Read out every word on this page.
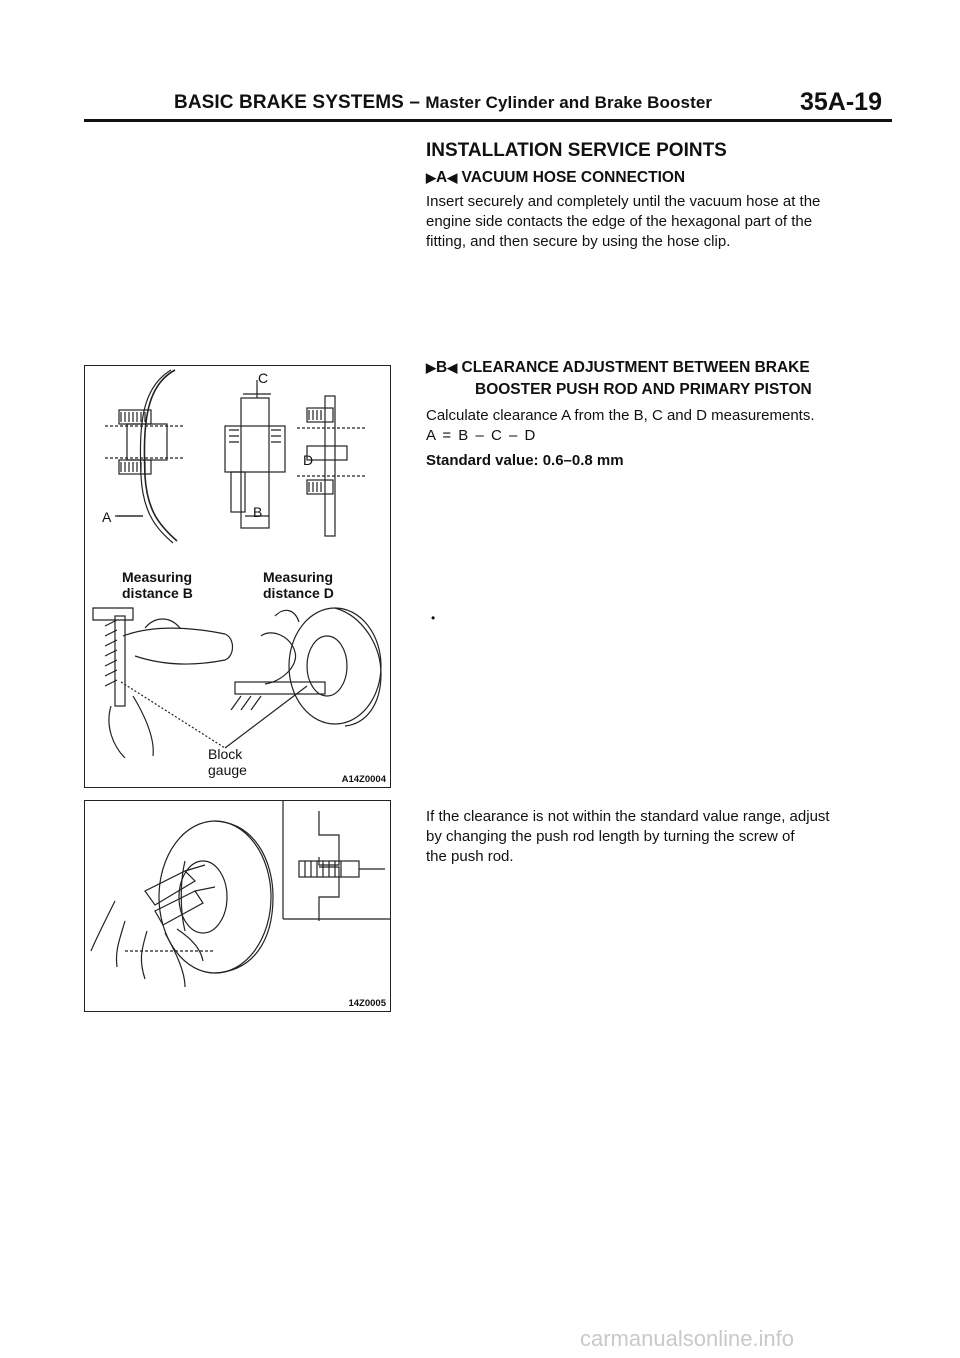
BASIC BRAKE SYSTEMS – Master Cylinder and Brake Booster	35A-19
INSTALLATION SERVICE POINTS
▶A◀ VACUUM HOSE CONNECTION
Insert securely and completely until the vacuum hose at the
engine side contacts the edge of the hexagonal part of the
fitting, and then secure by using the hose clip.
▶B◀ CLEARANCE ADJUSTMENT BETWEEN BRAKE
BOOSTER PUSH ROD AND PRIMARY PISTON
Calculate clearance A from the B, C and D measurements.
A = B – C – D
Standard value: 0.6–0.8 mm
•
If the clearance is not within the standard value range, adjust
by changing the push rod length by turning the screw of
the push rod.
C
D
B
A
Measuring
distance B
Measuring
distance D
Block
gauge
A14Z0004
14Z0005
carmanualsonline.info
